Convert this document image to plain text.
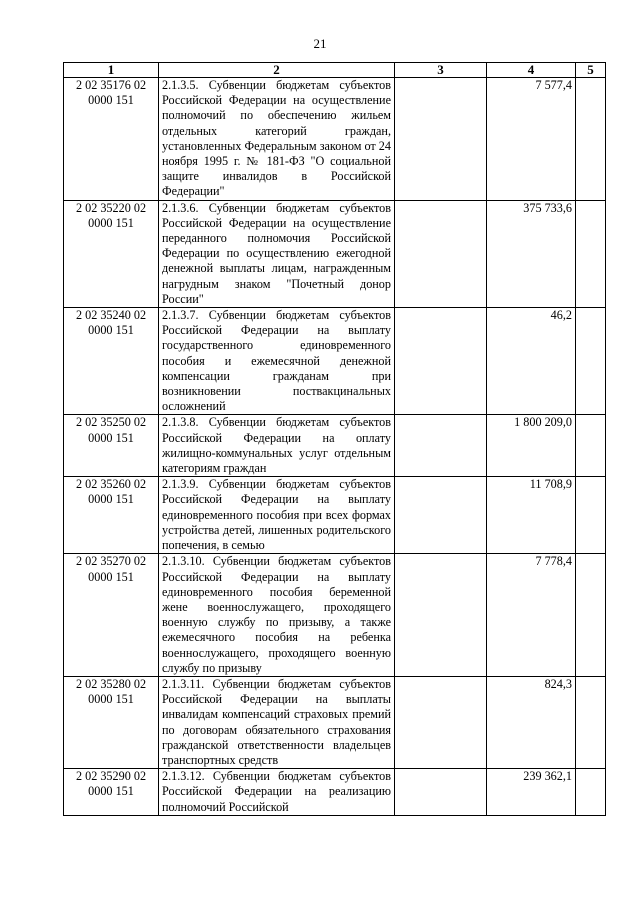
21
1	2	3	4	5
2 02 35176 02 0000 151	2.1.3.5. Субвенции бюджетам субъектов Российской Федерации на осуществление полномочий по обеспечению жильем отдельных категорий граждан, установленных Федеральным законом от 24 ноября 1995 г. № 181-ФЗ "О социальной защите инвалидов в Российской Федерации"		7 577,4	
2 02 35220 02 0000 151	2.1.3.6. Субвенции бюджетам субъектов Российской Федерации на осуществление переданного полномочия Российской Федерации по осуществлению ежегодной денежной выплаты лицам, награжденным нагрудным знаком "Почетный донор России"		375 733,6	
2 02 35240 02 0000 151	2.1.3.7. Субвенции бюджетам субъектов Российской Федерации на выплату государственного единовременного пособия и ежемесячной денежной компенсации гражданам при возникновении поствакцинальных осложнений		46,2	
2 02 35250 02 0000 151	2.1.3.8. Субвенции бюджетам субъектов Российской Федерации на оплату жилищно-коммунальных услуг отдельным категориям граждан		1 800 209,0	
2 02 35260 02 0000 151	2.1.3.9. Субвенции бюджетам субъектов Российской Федерации на выплату единовременного пособия при всех формах устройства детей, лишенных родительского попечения, в семью		11 708,9	
2 02 35270 02 0000 151	2.1.3.10. Субвенции бюджетам субъектов Российской Федерации на выплату единовременного пособия беременной жене военнослужащего, проходящего военную службу по призыву, а также ежемесячного пособия на ребенка военнослужащего, проходящего военную службу по призыву		7 778,4	
2 02 35280 02 0000 151	2.1.3.11. Субвенции бюджетам субъектов Российской Федерации на выплаты инвалидам компенсаций страховых премий по договорам обязательного страхования гражданской ответственности владельцев транспортных средств		824,3	
2 02 35290 02 0000 151	2.1.3.12. Субвенции бюджетам субъектов Российской Федерации на реализацию полномочий Российской		239 362,1	
